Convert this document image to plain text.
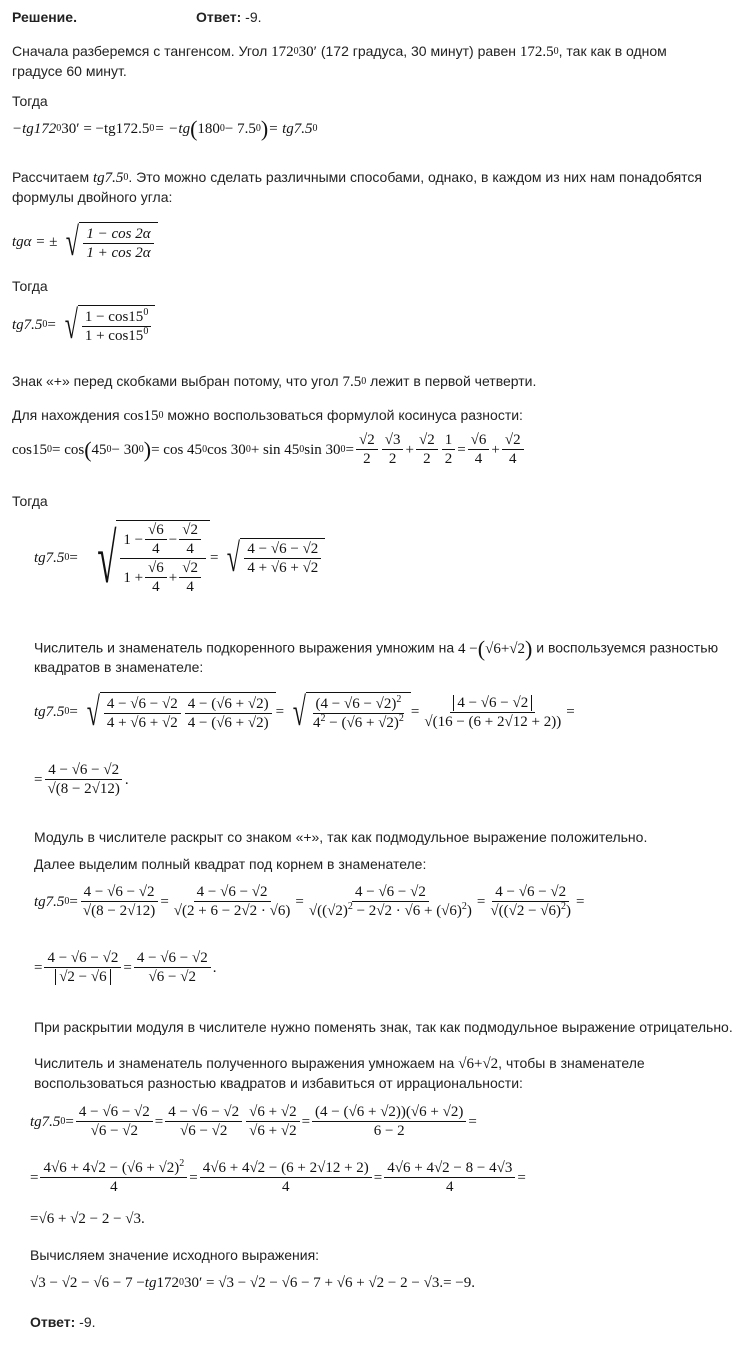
Решение.	Ответ: -9.
Сначала разберемся с тангенсом. Угол 172 0 30′ (172 градуса, 30 минут) равен 172.5 0 , так как в одном
градусе 60 минут.
Тогда
−tg172 0 30′ = −tg172.5 0 = −tg ( 180 0 − 7.5 0 ) = tg7.5 0
Рассчитаем tg7.5 0 . Это можно сделать различными способами, однако, в каждом из них нам понадобятся
формулы двойного угла:
tgα = ± √ $\frac{1 - \cos 2\alpha}{1 + \cos 2\alpha}$
Тогда
tg7.5 0 = √ $\frac{1 - \cos 15^0}{1 + \cos 15^0}$
Знак «+» перед скобками выбран потому, что угол 7.5 0 лежит в первой четверти.
Для нахождения cos15 0 можно воспользоваться формулой косинуса разности:
cos15 0 = cos ( 45 0 − 30 0 ) = cos 45 0 cos 30 0 + sin 45 0 sin 30 $0 = \frac{√2}{2} \frac{√3}{2} + \frac{√2}{2} \frac{1}{2} = \frac{√6}{4} + \frac{√2}{4}$
Тогда
tg7.5 0 = √ $\frac{1 - \frac{√6}{4} - \frac{√2}{4}}{1 + \frac{√6}{4} + \frac{√2}{4}}$ = √ $\frac{4 - √6 - √2}{4 + √6 + √2}$
Числитель и знаменатель подкоренного выражения умножим на 4 − ( √ 6 + √ 2 ) и воспользуемся разностью
квадратов в знаменателе:
tg7.5 0 = √ $\frac{4 - √6 - √2}{4 + √6 + √2} \frac{4 - (√6 + √2)}{4 - (√6 + √2)}$ = √ $\frac{(4 - √6 - √2)^2}{4^2 - (√6 + √2)^2} = \frac{4 - √6 - √2}{√(16 - (6 + 2√12 + 2))}$ =
= $\frac{4 - √6 - √2}{√(8 - 2√12)}$ .
Модуль в числителе раскрыт со знаком «+», так как подмодульное выражение положительно.
Далее выделим полный квадрат под корнем в знаменателе:
tg7.5 $0 = \frac{4 - √6 - √2}{√(8 - 2√12)} = \frac{4 - √6 - √2}{√(2 + 6 - 2√2 \cdot √6)} = \frac{4 - √6 - √2}{√((√2)^2 - 2√2 \cdot √6 + (√6)^2)} = \frac{4 - √6 - √2}{√((√2 - √6)^2)}$ =
= $\frac{4 - √6 - √2}{√2 - √6} = \frac{4 - √6 - √2}{√6 - √2}$ .
При раскрытии модуля в числителе нужно поменять знак, так как подмодульное выражение отрицательно.
Числитель и знаменатель полученного выражения умножаем на √ 6 + √ 2 , чтобы в знаменателе
воспользоваться разностью квадратов и избавиться от иррациональности:
tg7.5 $0 = \frac{4 - √6 - √2}{√6 - √2} = \frac{4 - √6 - √2}{√6 - √2} \frac{√6 + √2}{√6 + √2} = \frac{(4 - (√6 + √2))(√6 + √2)}{6 - 2}$ =
= $\frac{4√6 + 4√2 - (√6 + √2)^2}{4} = \frac{4√6 + 4√2 - (6 + 2√12 + 2)}{4} = \frac{4√6 + 4√2 - 8 - 4√3}{4}$ =
= √6 + √2 − 2 − √3 .
Вычисляем значение исходного выражения:
√3 − √2 − √6 − 7 − tg 172 0 30′ = √3 − √2 − √6 − 7 + √6 + √2 − 2 − √3. = −9.
Ответ: -9.
